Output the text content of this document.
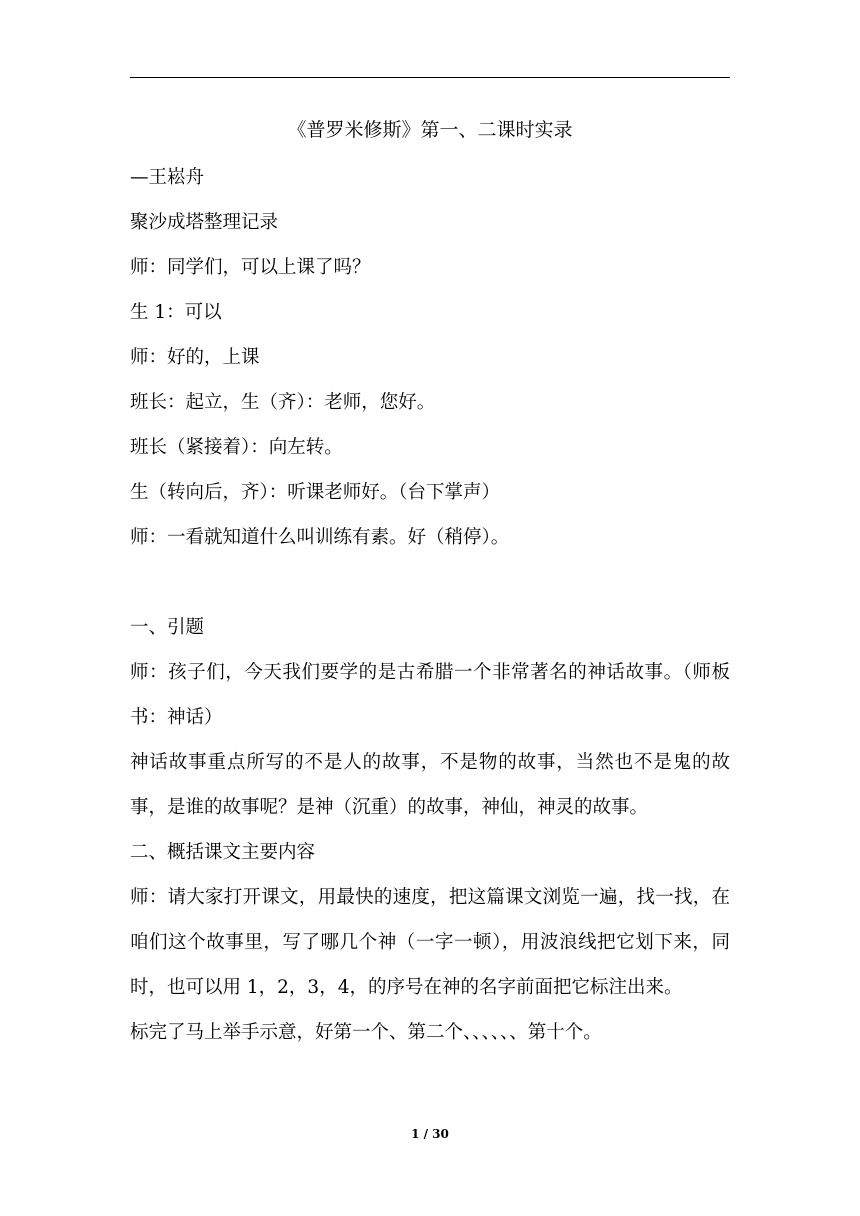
《普罗米修斯》第一、二课时实录

—王崧舟

聚沙成塔整理记录

师：同学们，可以上课了吗？

生 1：可以

师：好的，上课

班长：起立，生（齐）：老师，您好。

班长（紧接着）：向左转。

生（转向后，齐）：听课老师好。（台下掌声）

师：一看就知道什么叫训练有素。好（稍停）。

一、引题

师：孩子们，今天我们要学的是古希腊一个非常著名的神话故事。（师板书：神话）

神话故事重点所写的不是人的故事，不是物的故事，当然也不是鬼的故事，是谁的故事呢？是神（沉重）的故事，神仙，神灵的故事。

二、概括课文主要内容

师：请大家打开课文，用最快的速度，把这篇课文浏览一遍，找一找，在咱们这个故事里，写了哪几个神（一字一顿），用波浪线把它划下来，同时，也可以用 1，2，3，4，的序号在神的名字前面把它标注出来。

标完了马上举手示意，好第一个、第二个、、、、、、第十个。

1 / 30
